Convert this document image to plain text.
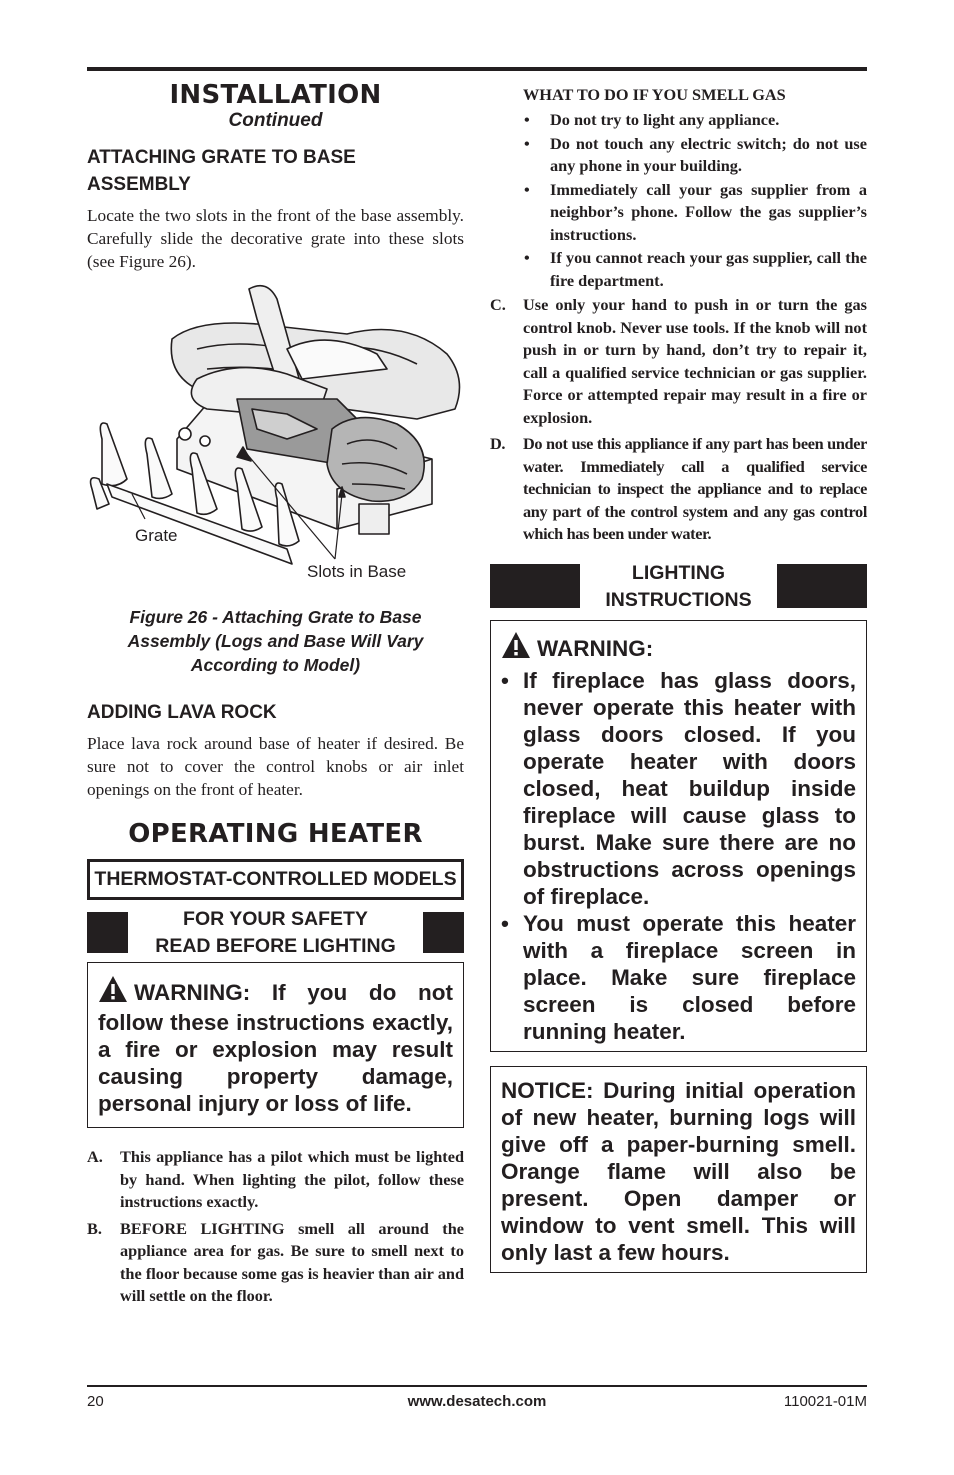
INSTALLATION

Continued

ATTACHING GRATE TO BASE ASSEMBLY

Locate the two slots in the front of the base assembly. Carefully slide the decorative grate into these slots (see Figure 26).

Grate
Slots in Base

Figure 26 - Attaching Grate to Base Assembly (Logs and Base Will Vary According to Model)

ADDING LAVA ROCK

Place lava rock around base of heater if desired. Be sure not to cover the control knobs or air inlet openings on the front of heater.

OPERATING HEATER
THERMOSTAT-CONTROLLED MODELS
FOR YOUR SAFETY
READ BEFORE LIGHTING

WARNING: If you do not follow these instructions exactly, a fire or explosion may result causing property damage, personal injury or loss of life.

A. This appliance has a pilot which must be lighted by hand. When lighting the pilot, follow these instructions exactly.
B. BEFORE LIGHTING smell all around the appliance area for gas. Be sure to smell next to the floor because some gas is heavier than air and will settle on the floor.

WHAT TO DO IF YOU SMELL GAS

• Do not try to light any appliance.
• Do not touch any electric switch; do not use any phone in your building.
• Immediately call your gas supplier from a neighbor’s phone. Follow the gas supplier’s instructions.
• If you cannot reach your gas supplier, call the fire department.
C. Use only your hand to push in or turn the gas control knob. Never use tools. If the knob will not push in or turn by hand, don’t try to repair it, call a qualified service technician or gas supplier. Force or attempted repair may result in a fire or explosion.
D. Do not use this appliance if any part has been under water. Immediately call a qualified service technician to inspect the appliance and to replace any part of the control system and any gas control which has been under water.
LIGHTING
INSTRUCTIONS

WARNING:

• If fireplace has glass doors, never operate this heater with glass doors closed. If you operate heater with doors closed, heat buildup inside fireplace will cause glass to burst. Make sure there are no obstructions across openings of fireplace.
• You must operate this heater with a fireplace screen in place. Make sure fireplace screen is closed before running heater.

NOTICE: During initial operation of new heater, burning logs will give off a paper-burning smell. Orange flame will also be present. Open damper or window to vent smell. This will only last a few hours.

20	www.desatech.com	110021-01M
